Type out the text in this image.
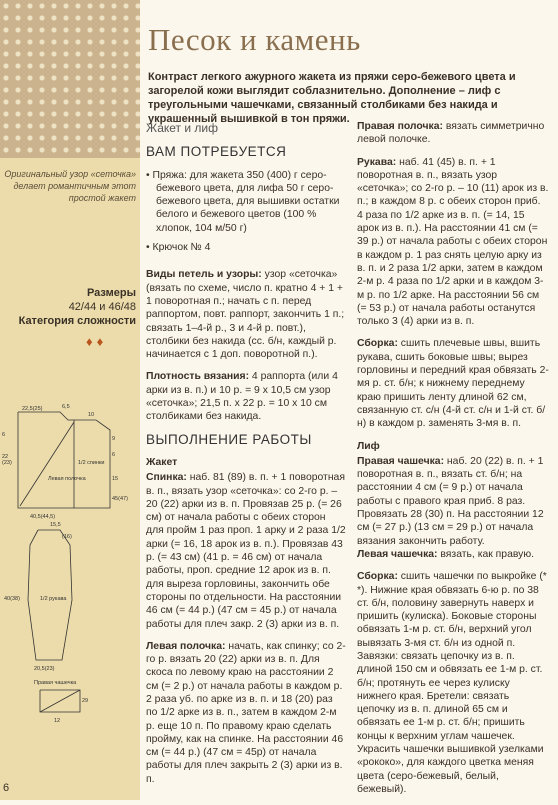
Оригинальный узор «сеточка» делает романтичным этот простой жакет
Размеры
42/44 и 46/48
Категория сложности
♦♦
22,5(25)	6,5
10
6
22
(23)
9
6
15
40,5(44,5)
Левая полочка
1/2 спинки
45(47)
15,5
(16)
40(38)	1/2 рукава
20,5(23)
Правая чашечка
29
12
6
Песок и камень
Контраст легкого ажурного жакета из пряжи серо-бежевого цвета и загорелой кожи выглядит соблазнительно. Дополнение – лиф с треугольными чашечками, связанный столбиками без накида и украшенный вышивкой в тон пряжи.
Жакет и лиф
ВАМ ПОТРЕБУЕТСЯ
• Пряжа: для жакета 350 (400) г серо-бежевого цвета, для лифа 50 г серо-бежевого цвета, для вышивки остатки белого и бежевого цветов (100 % хлопок, 104 м/50 г)
• Крючок № 4

Виды петель и узоры: узор «сеточка» (вязать по схеме, число п. кратно 4 + 1 + 1 поворотная п.; начать с п. перед раппортом, повт. раппорт, закончить 1 п.; связать 1–4-й р., 3 и 4-й р. повт.), столбики без накида (сс. б/н, каждый р. начинается с 1 доп. поворотной п.).

Плотность вязания: 4 раппорта (или 4 арки из в. п.) и 10 р. = 9 х 10,5 см узор «сеточка»; 21,5 п. х 22 р. = 10 х 10 см столбиками без накида.

ВЫПОЛНЕНИЕ РАБОТЫ
Жакет

Спинка: наб. 81 (89) в. п. + 1 поворотная в. п., вязать узор «сеточка»: со 2-го р. – 20 (22) арки из в. п. Провязав 25 р. (= 26 см) от начала работы с обеих сторон для пройм 1 раз проп. 1 арку и 2 раза 1/2 арки (= 16, 18 арок из в. п.). Провязав 43 р. (= 43 см) (41 р. = 46 см) от начала работы, проп. средние 12 арок из в. п. для выреза горловины, закончить обе стороны по отдельности. На расстоянии 46 см (= 44 р.) (47 см = 45 р.) от начала работы для плеч закр. 2 (3) арки из в. п.

Левая полочка: начать, как спинку; со 2-го р. вязать 20 (22) арки из в. п. Для скоса по левому краю на расстоянии 2 см (= 2 р.) от начала работы в каждом р. 2 раза уб. по арке из в. п. и 18 (20) раз по 1/2 арке из в. п., затем в каждом 2-м р. еще 10 п. По правому краю сделать пройму, как на спинке. На расстоянии 46 см (= 44 р.) (47 см = 45р) от начала работы для плеч закрыть 2 (3) арки из в. п.

Правая полочка: вязать симметрично левой полочке.

Рукава: наб. 41 (45) в. п. + 1 поворотная в. п., вязать узор «сеточка»; со 2-го р. – 10 (11) арок из в. п.; в каждом 8 р. с обеих сторон приб. 4 раза по 1/2 арке из в. п. (= 14, 15 арок из в. п.). На расстоянии 41 см (= 39 р.) от начала работы с обеих сторон в каждом р. 1 раз снять целую арку из в. п. и 2 раза 1/2 арки, затем в каждом 2-м р. 4 раза по 1/2 арки и в каждом 3-м р. по 1/2 арке. На расстоянии 56 см (= 53 р.) от начала работы останутся только 3 (4) арки из в. п.

Сборка: сшить плечевые швы, вшить рукава, сшить боковые швы; вырез горловины и передний края обвязать 2-мя р. ст. б/н; к нижнему переднему краю пришить ленту длиной 62 см, связанную ст. с/н (4-й ст. с/н и 1-й ст. б/н) в каждом р. заменять 3-мя в. п.

Лиф

Правая чашечка: наб. 20 (22) в. п. + 1 поворотная в. п., вязать ст. б/н; на расстоянии 4 см (= 9 р.) от начала работы с правого края приб. 8 раз. Провязать 28 (30) п. На расстоянии 12 см (= 27 р.) (13 см = 29 р.) от начала вязания закончить работу.

Левая чашечка: вязать, как правую.

Сборка: сшить чашечки по выкройке (* *). Нижние края обвязать 6-ю р. по 38 ст. б/н, половину завернуть наверх и пришить (кулиска). Боковые стороны обвязать 1-м р. ст. б/н, верхний угол вывязать 3-мя ст. б/н из одной п. Завязки: связать цепочку из в. п. длиной 150 см и обвязать ее 1-м р. ст. б/н; протянуть ее через кулиску нижнего края. Бретели: связать цепочку из в. п. длиной 65 см и обвязать ее 1-м р. ст. б/н; пришить концы к верхним углам чашечек. Украсить чашечки вышивкой узелками «рококо», для каждого цветка меняя цвета (серо-бежевый, белый, бежевый).
